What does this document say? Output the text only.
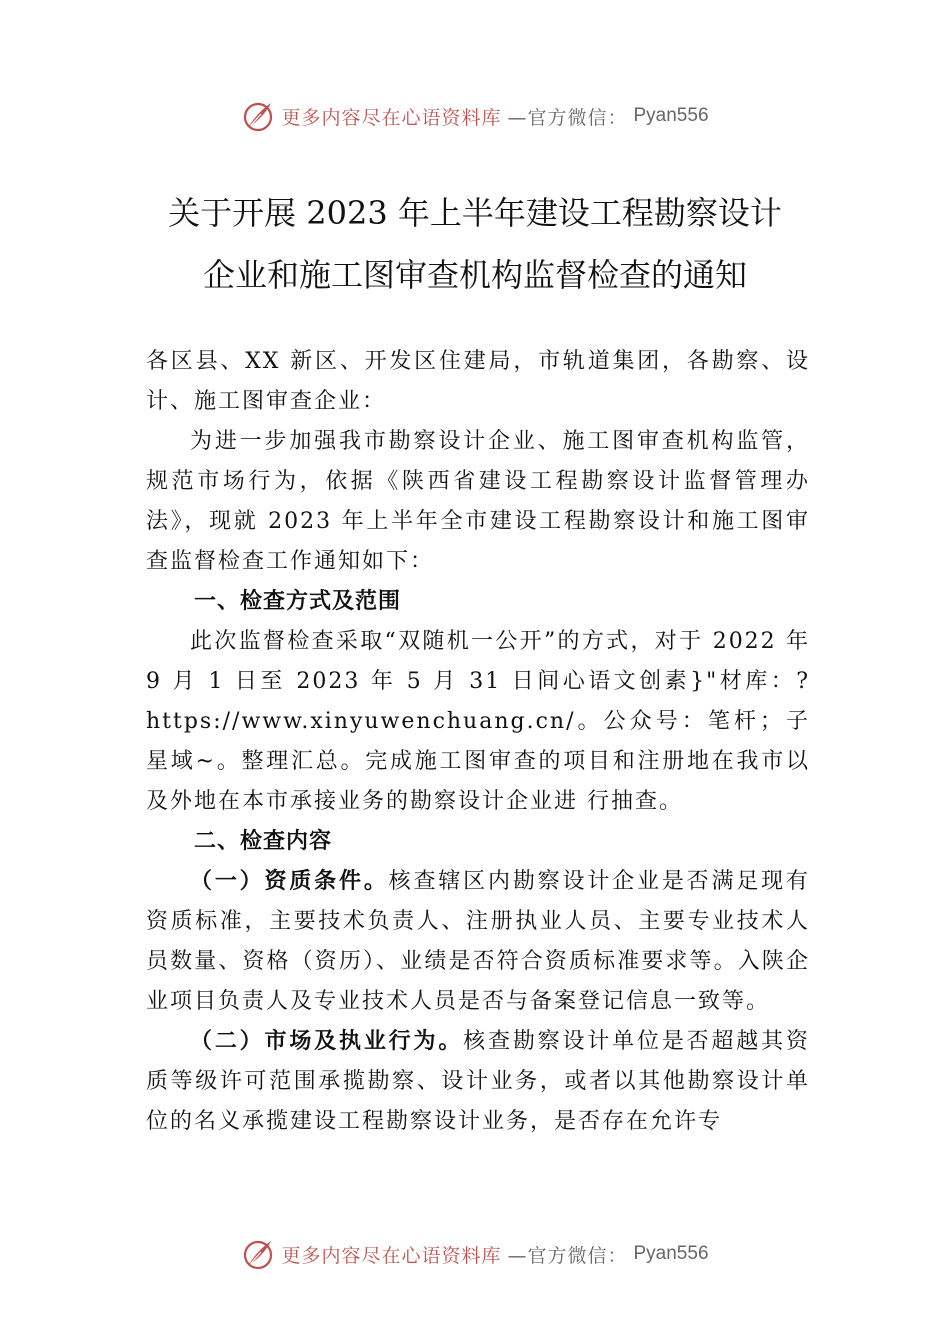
更多内容尽在心语资料库 —官方微信： Pyan556
关于开展 2023 年上半年建设工程勘察设计
企业和施工图审查机构监督检查的通知

各区县、XX 新区、开发区住建局，市轨道集团，各勘察、设计、施工图审查企业：

为进一步加强我市勘察设计企业、施工图审查机构监管，规范市场行为，依据《陕西省建设工程勘察设计监督管理办法》，现就 2023 年上半年全市建设工程勘察设计和施工图审查监督检查工作通知如下：

一、检查方式及范围

此次监督检查采取“双随机一公开”的方式，对于 2022 年 9 月 1 日至 2023 年 5 月 31 日间心语文创素}"材库：?https://www.xinyuwenchuang.cn/。公众号：笔杆；子星域~。整理汇总。完成施工图审查的项目和注册地在我市以及外地在本市承接业务的勘察设计企业进 行抽查。

二、检查内容

（一）资质条件。核查辖区内勘察设计企业是否满足现有资质标准，主要技术负责人、注册执业人员、主要专业技术人员数量、资格（资历）、业绩是否符合资质标准要求等。入陕企业项目负责人及专业技术人员是否与备案登记信息一致等。

（二）市场及执业行为。核查勘察设计单位是否超越其资质等级许可范围承揽勘察、设计业务，或者以其他勘察设计单位的名义承揽建设工程勘察设计业务，是否存在允许专

更多内容尽在心语资料库 —官方微信： Pyan556
